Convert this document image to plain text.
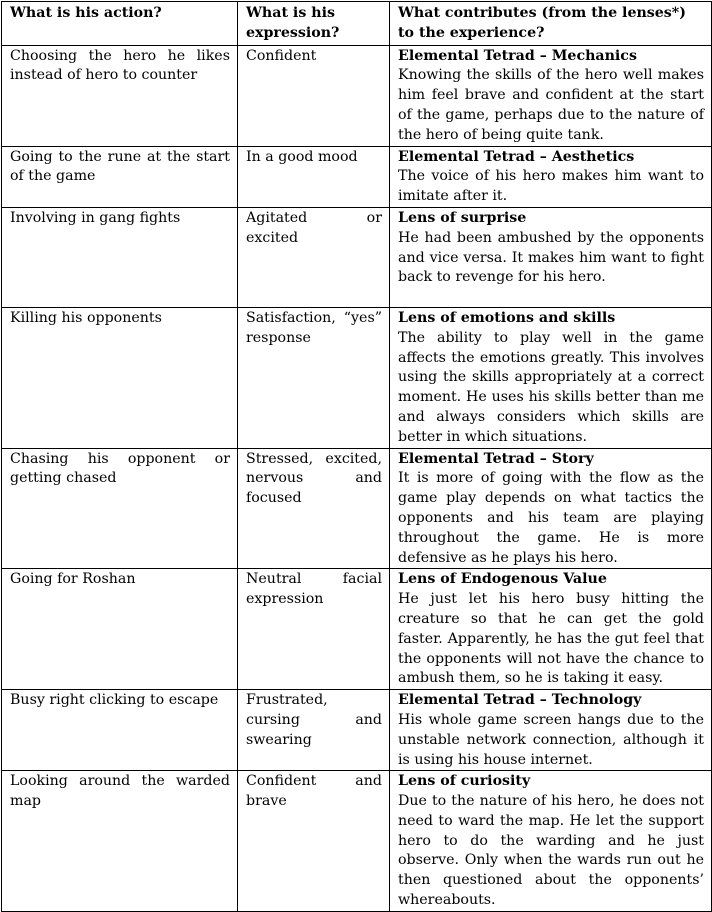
What is his action?	What is his expression?	What contributes (from the lenses*) to the experience?
Choosing the hero he likes instead of hero to counter	Confident	Elemental Tetrad – Mechanics
Knowing the skills of the hero well makes him feel brave and confident at the start of the game, perhaps due to the nature of the hero of being quite tank.

Going to the rune at the start of the game	In a good mood	Elemental Tetrad – Aesthetics
The voice of his hero makes him want to imitate after it.

Involving in gang fights	Agitated or excited	Lens of surprise
He had been ambushed by the opponents and vice versa. It makes him want to fight back to revenge for his hero.

Killing his opponents	Satisfaction, “yes” response	Lens of emotions and skills
The ability to play well in the game affects the emotions greatly. This involves using the skills appropriately at a correct moment. He uses his skills better than me and always considers which skills are better in which situations.

Chasing his opponent or getting chased	Stressed, excited, nervous and focused	Elemental Tetrad – Story
It is more of going with the flow as the game play depends on what tactics the opponents and his team are playing throughout the game. He is more defensive as he plays his hero.

Going for Roshan	Neutral facial expression	Lens of Endogenous Value
He just let his hero busy hitting the creature so that he can get the gold faster. Apparently, he has the gut feel that the opponents will not have the chance to ambush them, so he is taking it easy.

Busy right clicking to escape	Frustrated, cursing and swearing	Elemental Tetrad – Technology
His whole game screen hangs due to the unstable network connection, although it is using his house internet.

Looking around the warded map	Confident and brave	Lens of curiosity
Due to the nature of his hero, he does not need to ward the map. He let the support hero to do the warding and he just observe. Only when the wards run out he then questioned about the opponents’ whereabouts.
